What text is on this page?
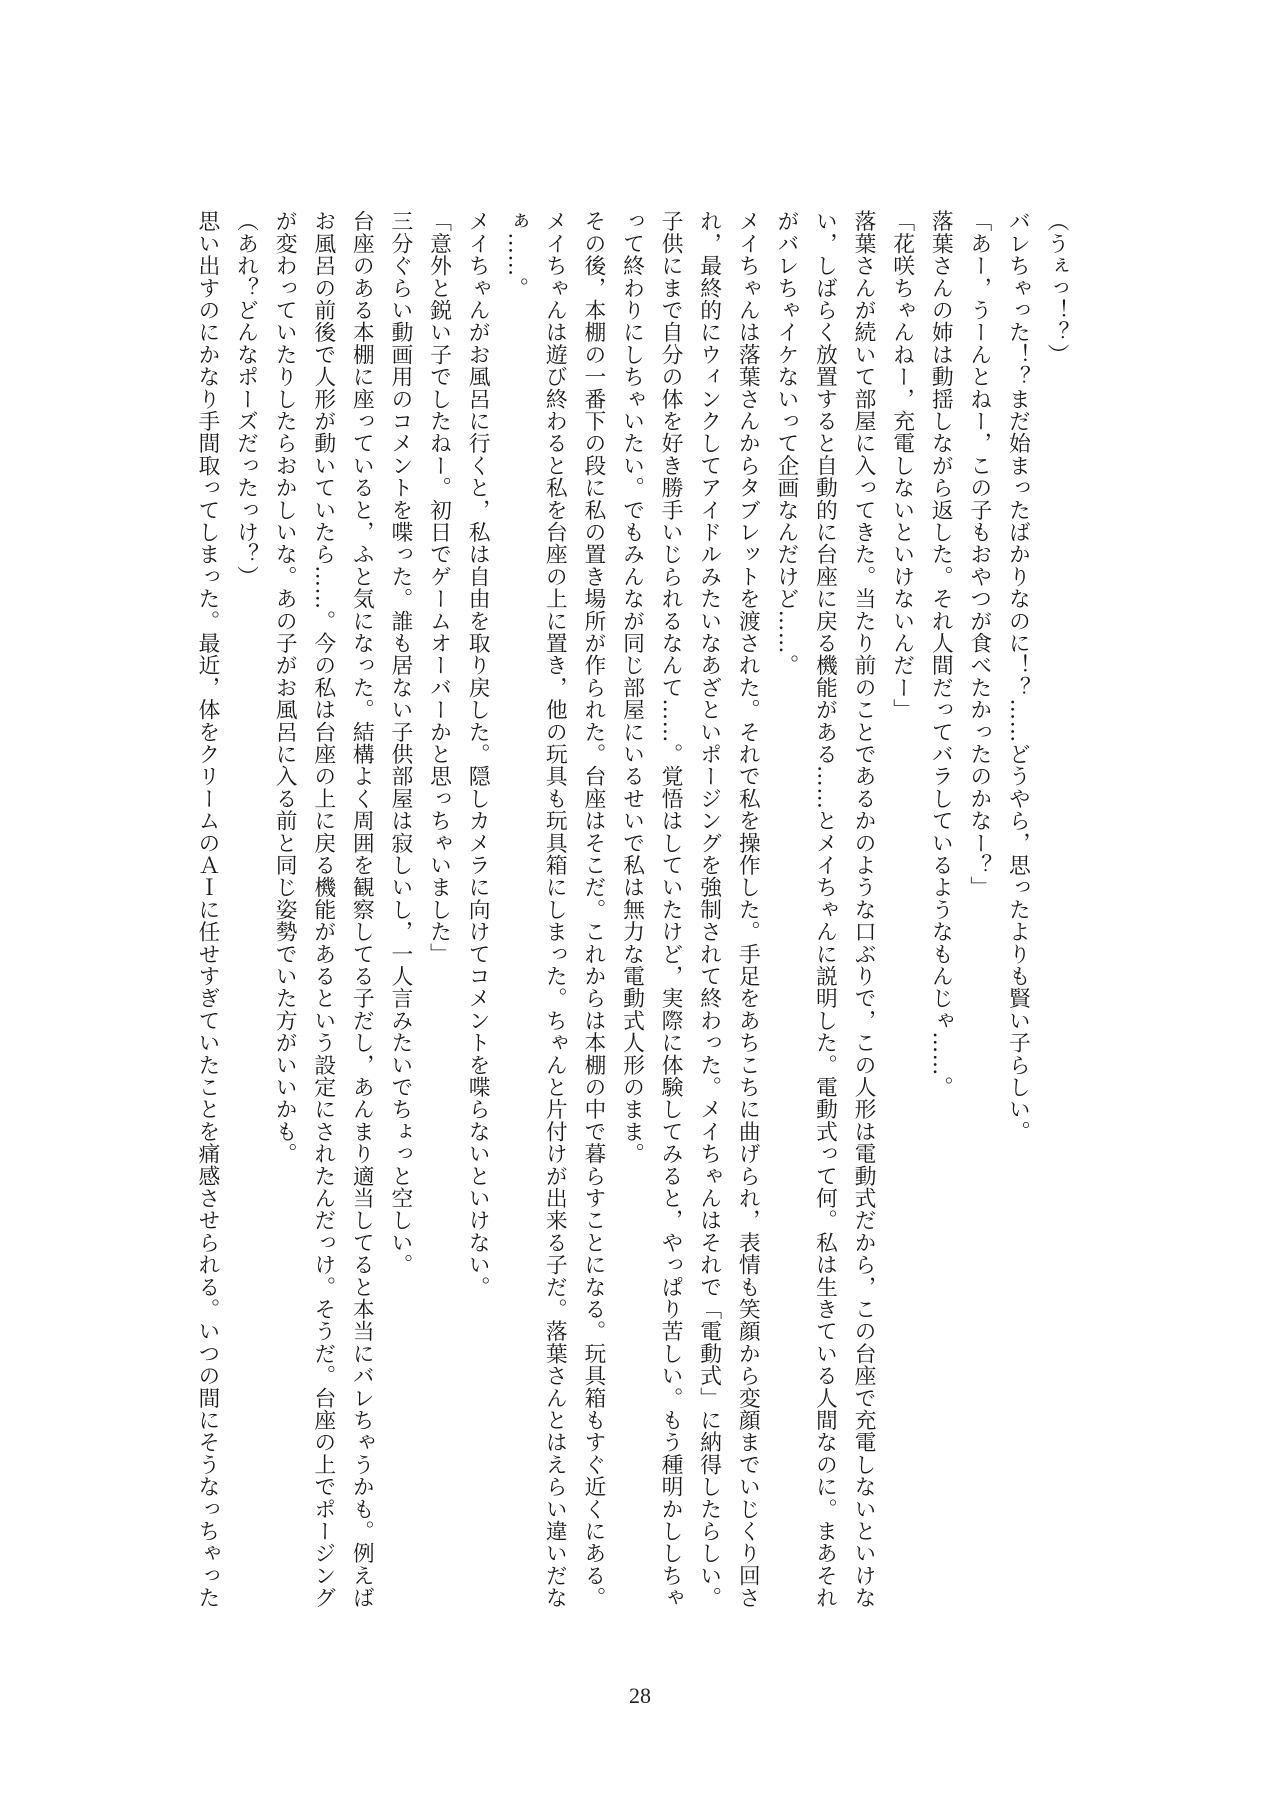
（うぇっ！？）
バレちゃった！？まだ始まったばかりなのに！？……どうやら，思ったよりも賢い子らしい。
「あー，うーんとねー，この子もおやつが食べたかったのかなー？」
落葉さんの姉は動揺しながら返した。それ人間だってバラしているようなもんじゃ……。
「花咲ちゃんねー，充電しないといけないんだー」
落葉さんが続いて部屋に入ってきた。当たり前のことであるかのような口ぶりで，この人形は電動式だから，この台座で充電しないといけな
い，しばらく放置すると自動的に台座に戻る機能がある……とメイちゃんに説明した。電動式って何。私は生きている人間なのに。まあそれ
がバレちゃイケないって企画なんだけど……。
メイちゃんは落葉さんからタブレットを渡された。それで私を操作した。手足をあちこちに曲げられ，表情も笑顔から変顔までいじくり回さ
れ，最終的にウィンクしてアイドルみたいなあざといポージングを強制されて終わった。メイちゃんはそれで「電動式」に納得したらしい。
子供にまで自分の体を好き勝手いじられるなんて……。覚悟はしていたけど，実際に体験してみると，やっぱり苦しい。もう種明かししちゃ
って終わりにしちゃいたい。でもみんなが同じ部屋にいるせいで私は無力な電動式人形のまま。
その後，本棚の一番下の段に私の置き場所が作られた。台座はそこだ。これからは本棚の中で暮らすことになる。玩具箱もすぐ近くにある。
メイちゃんは遊び終わると私を台座の上に置き，他の玩具も玩具箱にしまった。ちゃんと片付けが出来る子だ。落葉さんとはえらい違いだな
ぁ……。
メイちゃんがお風呂に行くと，私は自由を取り戻した。隠しカメラに向けてコメントを喋らないといけない。
「意外と鋭い子でしたねー。初日でゲームオーバーかと思っちゃいました」
三分ぐらい動画用のコメントを喋った。誰も居ない子供部屋は寂しいし，一人言みたいでちょっと空しい。
台座のある本棚に座っていると，ふと気になった。結構よく周囲を観察してる子だし，あんまり適当してると本当にバレちゃうかも。例えば
お風呂の前後で人形が動いていたら……。今の私は台座の上に戻る機能があるという設定にされたんだっけ。そうだ。台座の上でポージング
が変わっていたりしたらおかしいな。あの子がお風呂に入る前と同じ姿勢でいた方がいいかも。
（あれ？どんなポーズだったっけ？）
思い出すのにかなり手間取ってしまった。最近，体をクリームのＡＩに任せすぎていたことを痛感させられる。いつの間にそうなっちゃった
28
